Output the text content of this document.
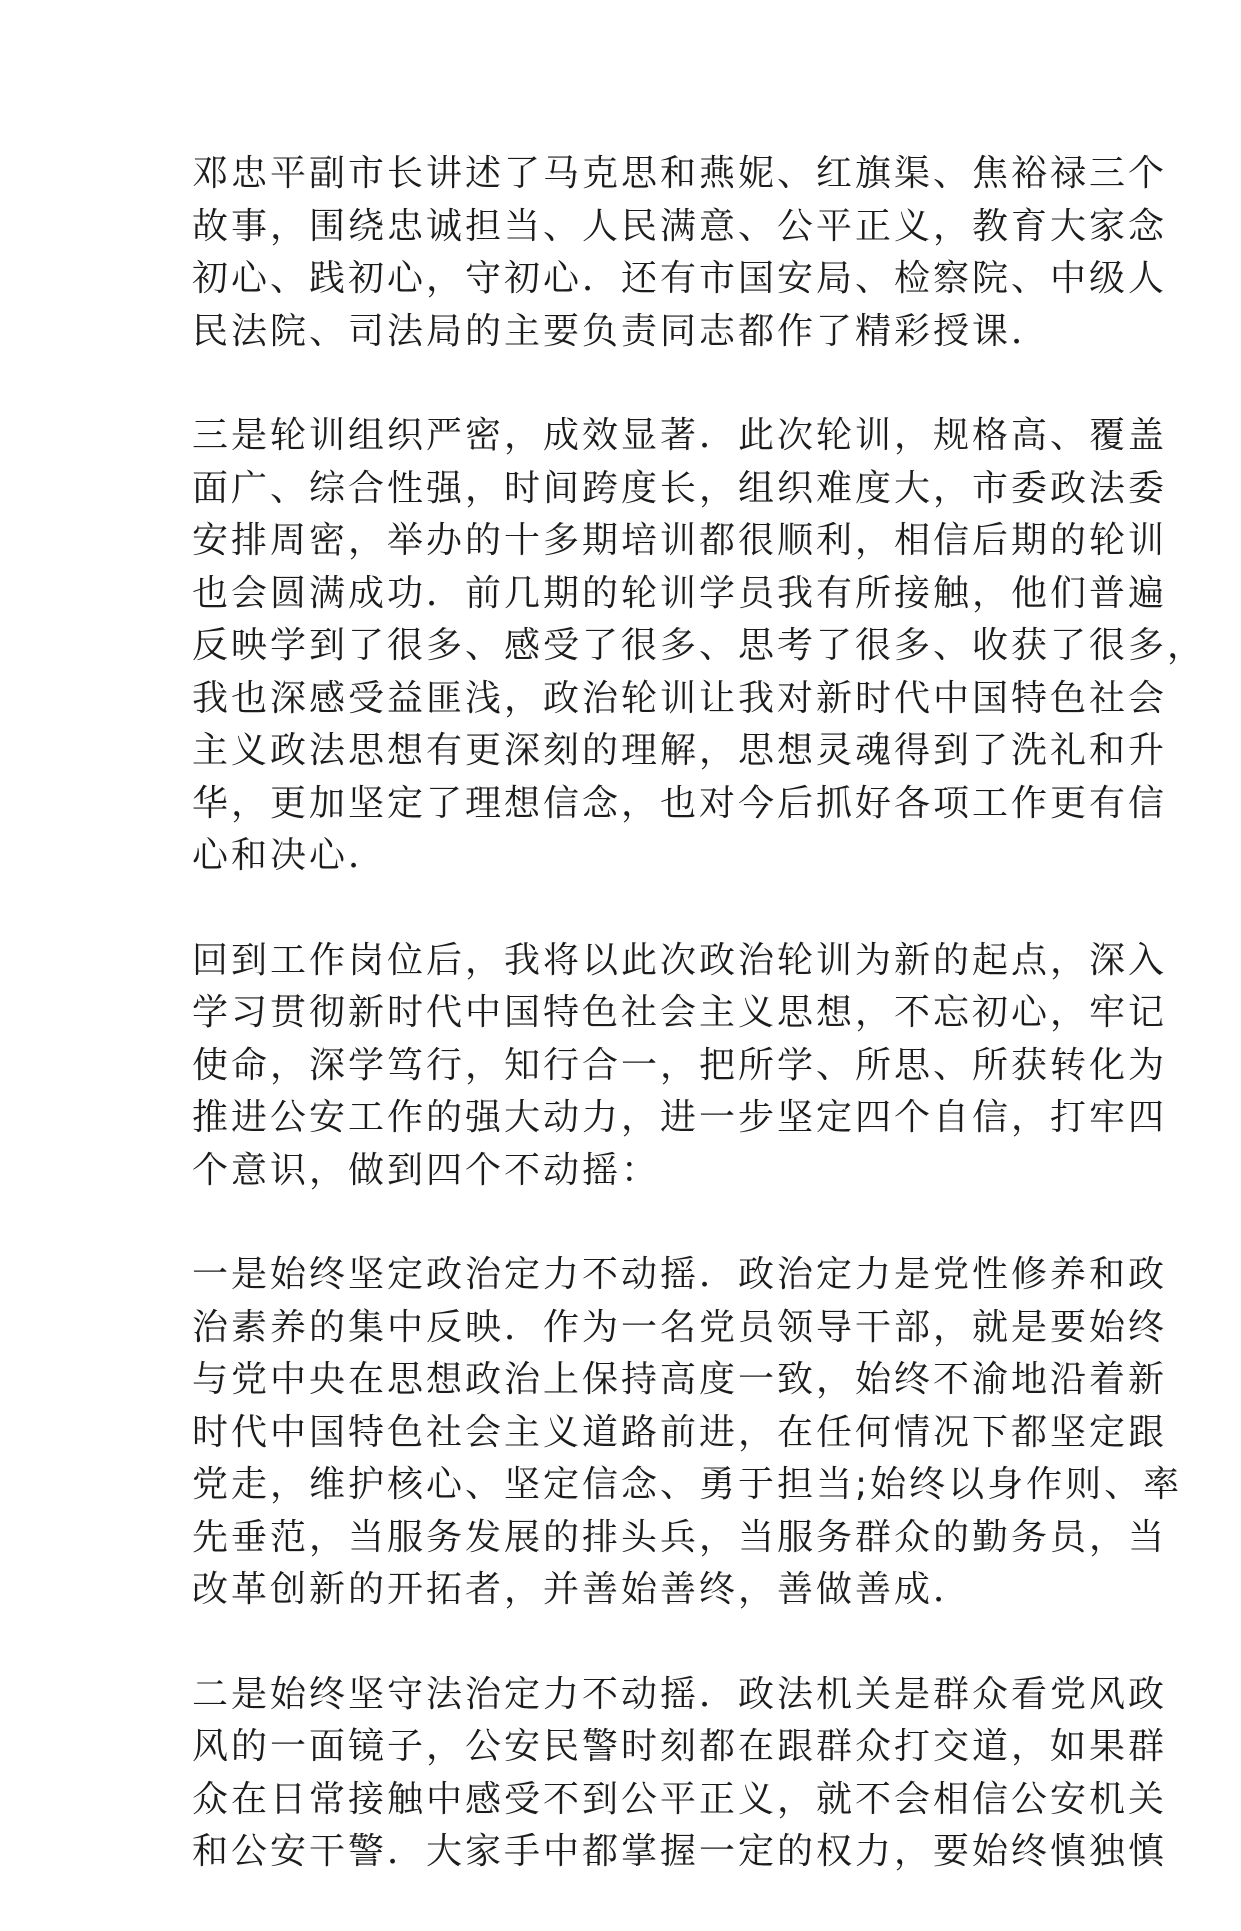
邓忠平副市长讲述了马克思和燕妮、红旗渠、焦裕禄三个
故事，围绕忠诚担当、人民满意、公平正义，教育大家念
初心、践初心，守初心．还有市国安局、检察院、中级人
民法院、司法局的主要负责同志都作了精彩授课．

三是轮训组织严密，成效显著．此次轮训，规格高、覆盖
面广、综合性强，时间跨度长，组织难度大，市委政法委
安排周密，举办的十多期培训都很顺利，相信后期的轮训
也会圆满成功．前几期的轮训学员我有所接触，他们普遍
反映学到了很多、感受了很多、思考了很多、收获了很多，
我也深感受益匪浅，政治轮训让我对新时代中国特色社会
主义政法思想有更深刻的理解，思想灵魂得到了洗礼和升
华，更加坚定了理想信念，也对今后抓好各项工作更有信
心和决心．

回到工作岗位后，我将以此次政治轮训为新的起点，深入
学习贯彻新时代中国特色社会主义思想，不忘初心，牢记
使命，深学笃行，知行合一，把所学、所思、所获转化为
推进公安工作的强大动力，进一步坚定四个自信，打牢四
个意识，做到四个不动摇：

一是始终坚定政治定力不动摇．政治定力是党性修养和政
治素养的集中反映．作为一名党员领导干部，就是要始终
与党中央在思想政治上保持高度一致，始终不渝地沿着新
时代中国特色社会主义道路前进，在任何情况下都坚定跟
党走，维护核心、坚定信念、勇于担当;始终以身作则、率
先垂范，当服务发展的排头兵，当服务群众的勤务员，当
改革创新的开拓者，并善始善终，善做善成．

二是始终坚守法治定力不动摇．政法机关是群众看党风政
风的一面镜子，公安民警时刻都在跟群众打交道，如果群
众在日常接触中感受不到公平正义，就不会相信公安机关
和公安干警．大家手中都掌握一定的权力，要始终慎独慎
